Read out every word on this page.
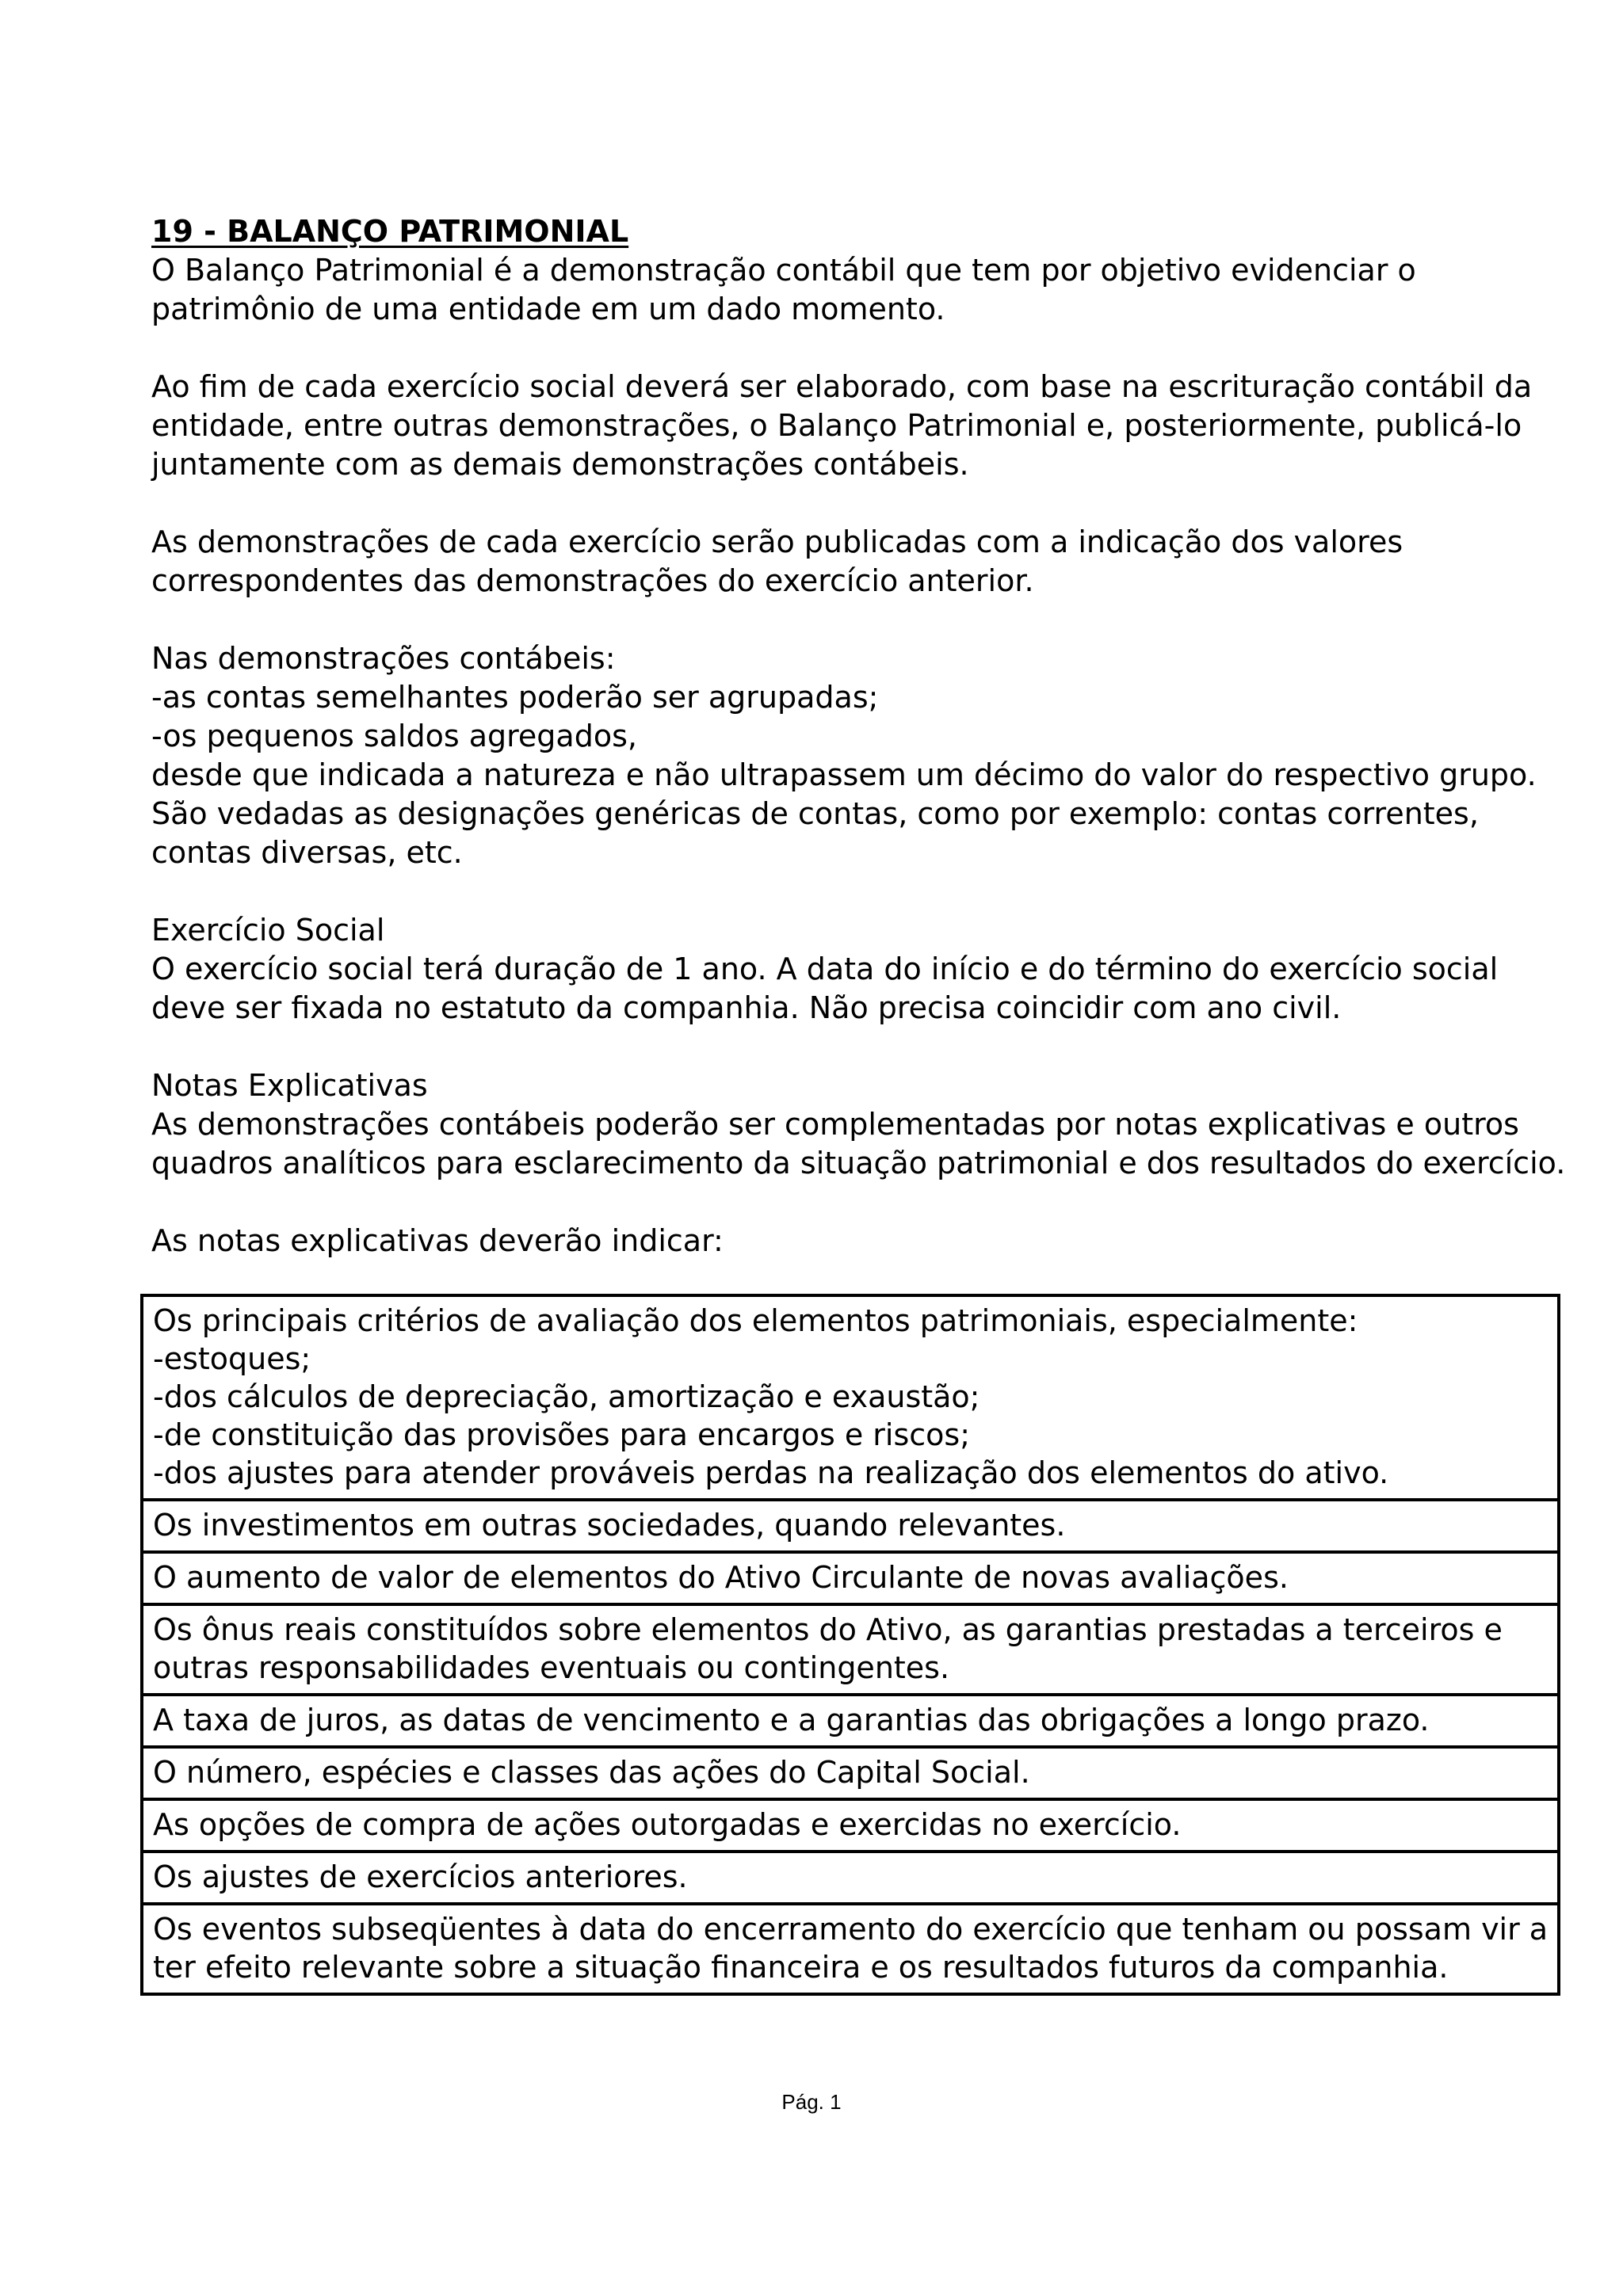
19 - BALANÇO PATRIMONIAL

O Balanço Patrimonial é a demonstração contábil que tem por objetivo evidenciar o
patrimônio de uma entidade em um dado momento.

Ao fim de cada exercício social deverá ser elaborado, com base na escrituração contábil da
entidade, entre outras demonstrações, o Balanço Patrimonial e, posteriormente, publicá-lo
juntamente com as demais demonstrações contábeis.

As demonstrações de cada exercício serão publicadas com a indicação dos valores
correspondentes das demonstrações do exercício anterior.

Nas demonstrações contábeis:
-as contas semelhantes poderão ser agrupadas;
-os pequenos saldos agregados,
desde que indicada a natureza e não ultrapassem um décimo do valor do respectivo grupo.
São vedadas as designações genéricas de contas, como por exemplo: contas correntes,
contas diversas, etc.

Exercício Social
O exercício social terá duração de 1 ano. A data do início e do término do exercício social
deve ser fixada no estatuto da companhia. Não precisa coincidir com ano civil.

Notas Explicativas
As demonstrações contábeis poderão ser complementadas por notas explicativas e outros
quadros analíticos para esclarecimento da situação patrimonial e dos resultados do exercício.

As notas explicativas deverão indicar:

Os principais critérios de avaliação dos elementos patrimoniais, especialmente:
-estoques;
-dos cálculos de depreciação, amortização e exaustão;
-de constituição das provisões para encargos e riscos;
-dos ajustes para atender prováveis perdas na realização dos elementos do ativo.

Os investimentos em outras sociedades, quando relevantes.

O aumento de valor de elementos do Ativo Circulante de novas avaliações.

Os ônus reais constituídos sobre elementos do Ativo, as garantias prestadas a terceiros e
outras responsabilidades eventuais ou contingentes.

A taxa de juros, as datas de vencimento e a garantias das obrigações a longo prazo.

O número, espécies e classes das ações do Capital Social.

As opções de compra de ações outorgadas e exercidas no exercício.

Os ajustes de exercícios anteriores.

Os eventos subseqüentes à data do encerramento do exercício que tenham ou possam vir a
ter efeito relevante sobre a situação financeira e os resultados futuros da companhia.
Pág. 1
